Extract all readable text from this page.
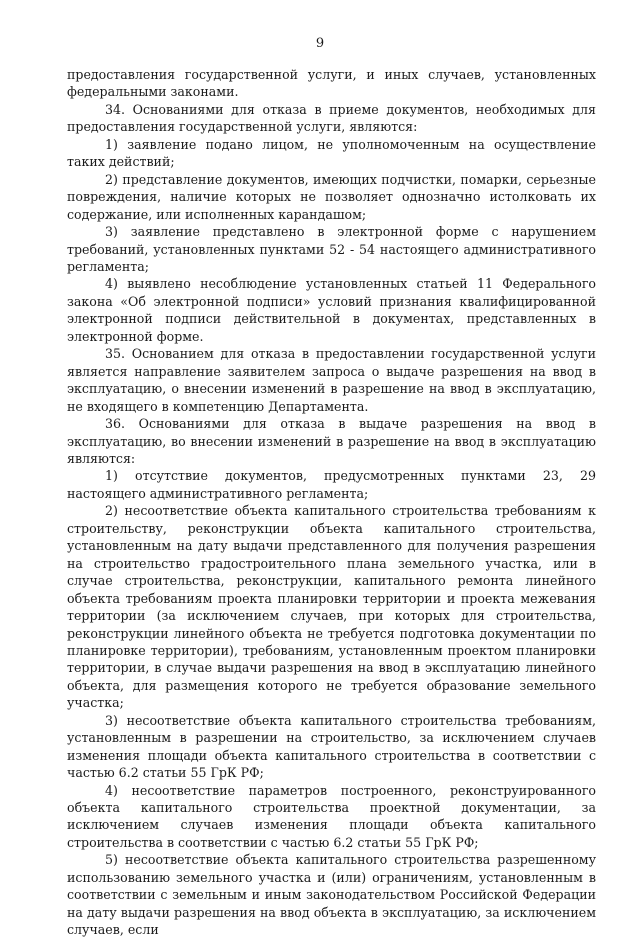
9

предоставления государственной услуги, и иных случаев, установленных федеральными законами.

34. Основаниями для отказа в приеме документов, необходимых для предоставления государственной услуги, являются:

1) заявление подано лицом, не уполномоченным на осуществление таких действий;

2) представление документов, имеющих подчистки, помарки, серьезные повреждения, наличие которых не позволяет однозначно истолковать их содержание, или исполненных карандашом;

3) заявление представлено в электронной форме с нарушением требований, установленных пунктами 52 - 54 настоящего административного регламента;

4) выявлено несоблюдение установленных статьей 11 Федерального закона «Об электронной подписи» условий признания квалифицированной электронной подписи действительной в документах, представленных в электронной форме.

35. Основанием для отказа в предоставлении государственной услуги является направление заявителем запроса о выдаче разрешения на ввод в эксплуатацию, о внесении изменений в разрешение на ввод в эксплуатацию, не входящего в компетенцию Департамента.

36. Основаниями для отказа в выдаче разрешения на ввод в эксплуатацию, во внесении изменений в разрешение на ввод в эксплуатацию являются:

1) отсутствие документов, предусмотренных пунктами 23, 29 настоящего административного регламента;

2) несоответствие объекта капитального строительства требованиям к строительству, реконструкции объекта капитального строительства, установленным на дату выдачи представленного для получения разрешения на строительство градостроительного плана земельного участка, или в случае строительства, реконструкции, капитального ремонта линейного объекта требованиям проекта планировки территории и проекта межевания территории (за исключением случаев, при которых для строительства, реконструкции линейного объекта не требуется подготовка документации по планировке территории), требованиям, установленным проектом планировки территории, в случае выдачи разрешения на ввод в эксплуатацию линейного объекта, для размещения которого не требуется образование земельного участка;

3) несоответствие объекта капитального строительства требованиям, установленным в разрешении на строительство, за исключением случаев изменения площади объекта капитального строительства в соответствии с частью 6.2 статьи 55 ГрК РФ;

4) несоответствие параметров построенного, реконструированного объекта капитального строительства проектной документации, за исключением случаев изменения площади объекта капитального строительства в соответствии с частью 6.2 статьи 55 ГрК РФ;

5) несоответствие объекта капитального строительства разрешенному использованию земельного участка и (или) ограничениям, установленным в соответствии с земельным и иным законодательством Российской Федерации на дату выдачи разрешения на ввод объекта в эксплуатацию, за исключением случаев, если
